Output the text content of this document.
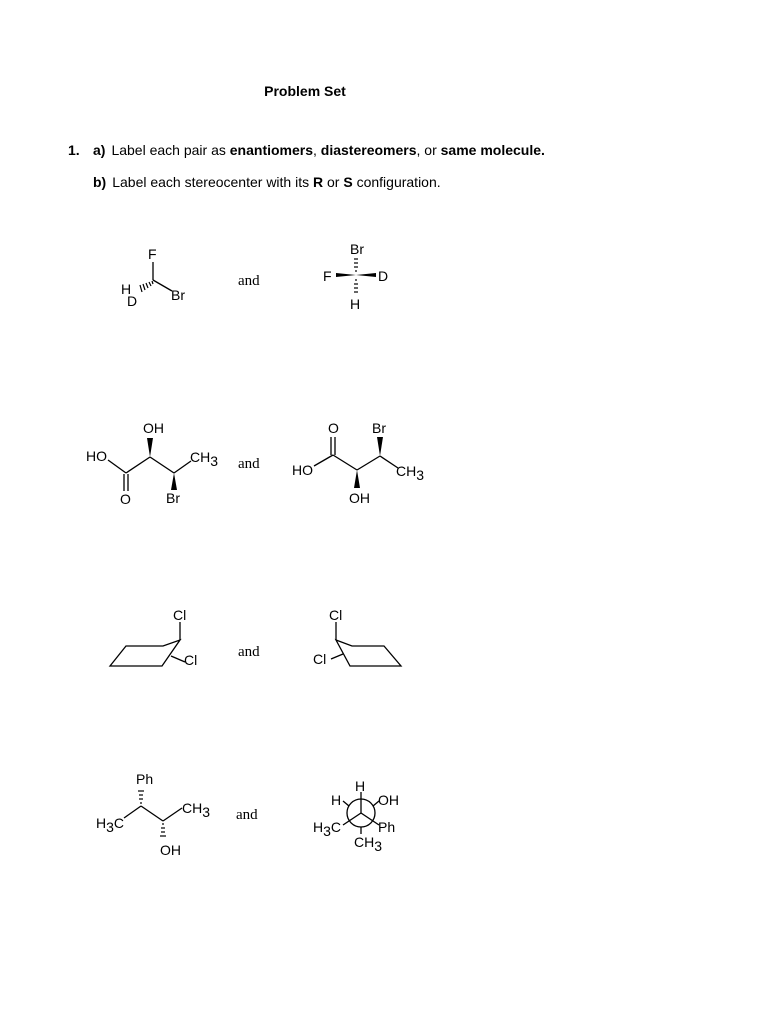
Problem Set
1. a) Label each pair as enantiomers, diastereomers, or same molecule.
b) Label each stereocenter with its R or S configuration.
F
H
D Br
and
Br
F	D
H
HO
O
OH
CH3
Br
and HO
O Br
CH3
OH
Cl
Cl	and
Cl
Cl
Ph
H3C
CH3
OH
and
H
H	OH
H3C	Ph
CH3
